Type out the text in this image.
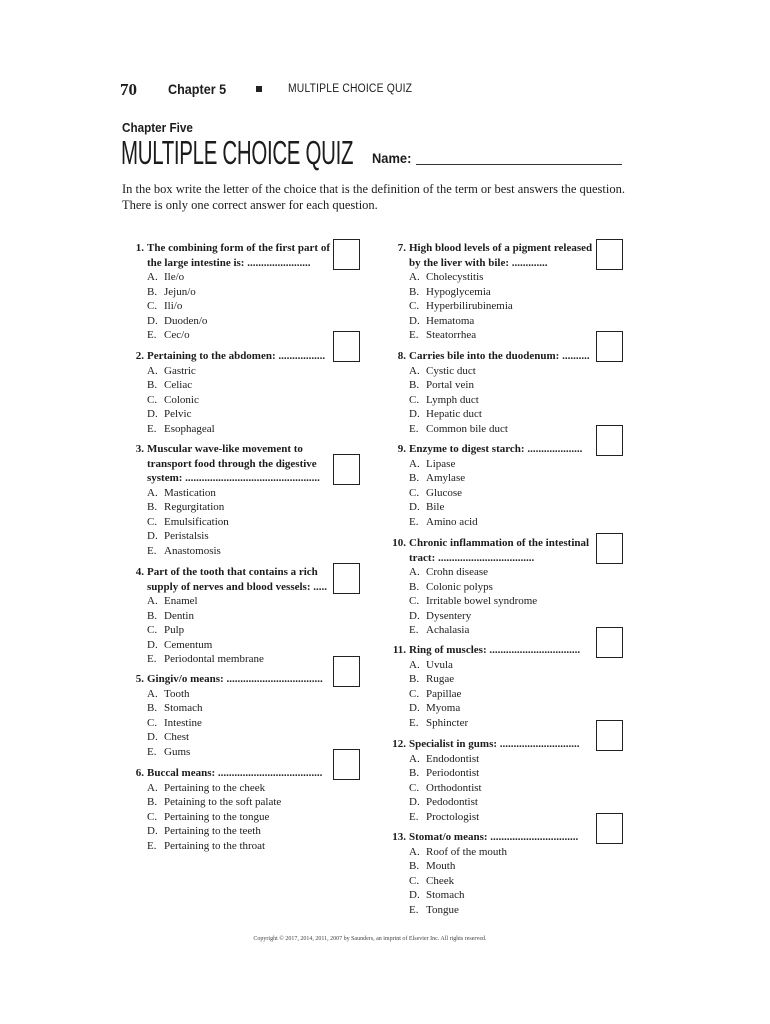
70 Chapter 5	MULTIPLE CHOICE QUIZ
Chapter Five
MULTIPLE CHOICE QUIZ Name:
In the box write the letter of the choice that is the definition of the term or best answers the question. There is only one correct answer for each question.
1. The combining form of the first part of the large intestine is: .......................
A. Ile/o
B. Jejun/o
C. Ili/o
D. Duoden/o
E. Cec/o
2. Pertaining to the abdomen: .................
A. Gastric
B. Celiac
C. Colonic
D. Pelvic
E. Esophageal
3. Muscular wave-like movement to transport food through the digestive system: .................................................
A. Mastication
B. Regurgitation
C. Emulsification
D. Peristalsis
E. Anastomosis
4. Part of the tooth that contains a rich supply of nerves and blood vessels: .....
A. Enamel
B. Dentin
C. Pulp
D. Cementum
E. Periodontal membrane
5. Gingiv/o means: ...................................
A. Tooth
B. Stomach
C. Intestine
D. Chest
E. Gums
6. Buccal means: ......................................
A. Pertaining to the cheek
B. Petaining to the soft palate
C. Pertaining to the tongue
D. Pertaining to the teeth
E. Pertaining to the throat
7. High blood levels of a pigment released by the liver with bile: .............
A. Cholecystitis
B. Hypoglycemia
C. Hyperbilirubinemia
D. Hematoma
E. Steatorrhea
8. Carries bile into the duodenum: ..........
A. Cystic duct
B. Portal vein
C. Lymph duct
D. Hepatic duct
E. Common bile duct
9. Enzyme to digest starch: ....................
A. Lipase
B. Amylase
C. Glucose
D. Bile
E. Amino acid
10. Chronic inflammation of the intestinal tract: ...................................
A. Crohn disease
B. Colonic polyps
C. Irritable bowel syndrome
D. Dysentery
E. Achalasia
11. Ring of muscles: .................................
A. Uvula
B. Rugae
C. Papillae
D. Myoma
E. Sphincter
12. Specialist in gums: .............................
A. Endodontist
B. Periodontist
C. Orthodontist
D. Pedodontist
E. Proctologist
13. Stomat/o means: ................................
A. Roof of the mouth
B. Mouth
C. Cheek
D. Stomach
E. Tongue
Copyright © 2017, 2014, 2011, 2007 by Saunders, an imprint of Elsevier Inc. All rights reserved.
